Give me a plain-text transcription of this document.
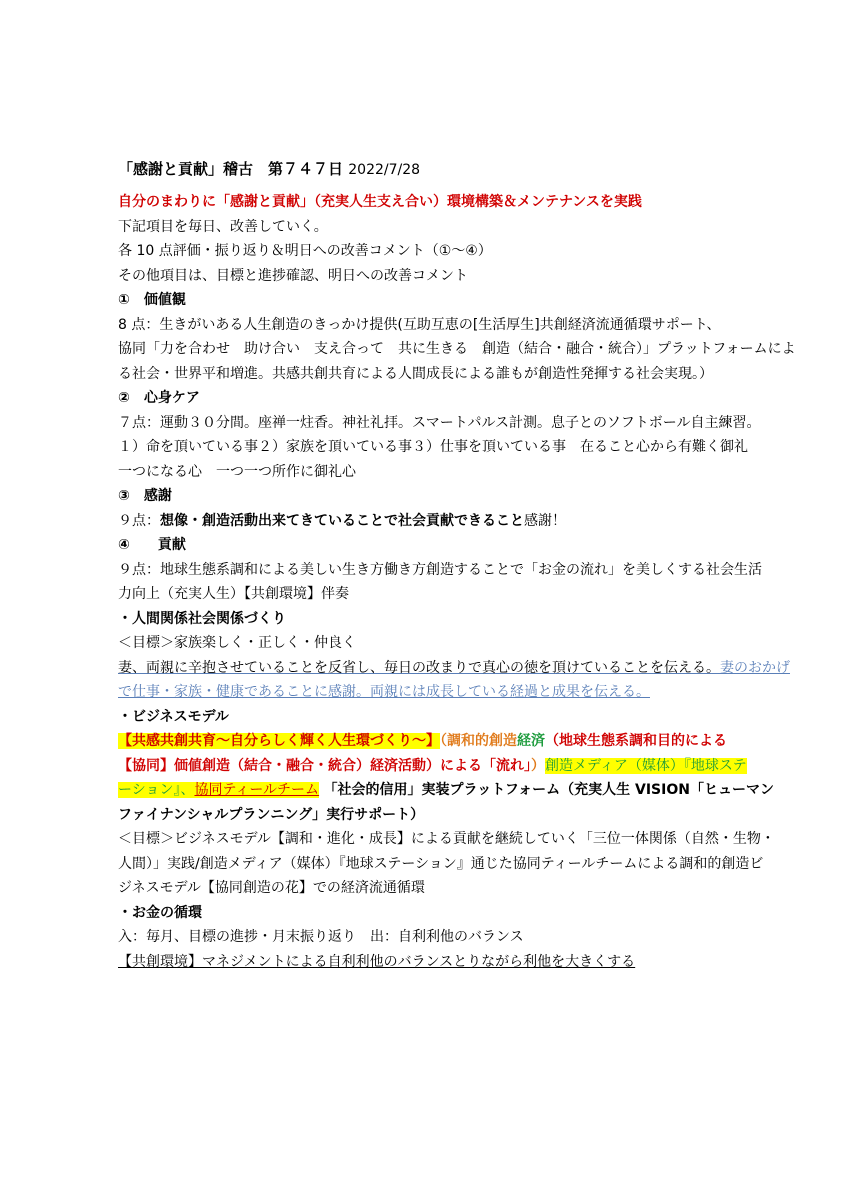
「感謝と貢献」稽古　第７４７日 2022/7/28

自分のまわりに「感謝と貢献」（充実人生支え合い）環境構築＆メンテナンスを実践

下記項目を毎日、改善していく。

各 10 点評価・振り返り＆明日への改善コメント（①～④）

その他項目は、目標と進捗確認、明日への改善コメント

①　価値観

8 点：生きがいある人生創造のきっかけ提供(互助互恵の[生活厚生]共創経済流通循環サポート、

協同「力を合わせ　助け合い　支え合って　共に生きる　創造（結合・融合・統合）」プラットフォームによ

る社会・世界平和増進。共感共創共育による人間成長による誰もが創造性発揮する社会実現。）

②　心身ケア

７点：運動３０分間。座禅一炷香。神社礼拝。スマートパルス計測。息子とのソフトボール自主練習。

１）命を頂いている事２）家族を頂いている事３）仕事を頂いている事　在ること心から有難く御礼

一つになる心　一つ一つ所作に御礼心

③　感謝

９点：想像・創造活動出来てきていることで社会貢献できること感謝！

④　　貢献

９点：地球生態系調和による美しい生き方働き方創造することで「お金の流れ」を美しくする社会生活

力向上（充実人生）【共創環境】伴奏

・人間関係社会関係づくり

＜目標＞家族楽しく・正しく・仲良く

妻、両親に辛抱させていることを反省し、毎日の改まりで真心の徳を頂けていることを伝える。妻のおかげ

で仕事・家族・健康であることに感謝。両親には成長している経過と成果を伝える。

・ビジネスモデル

【共感共創共育～自分らしく輝く人生環づくり～】（調和的創造経済（地球生態系調和目的による

【協同】価値創造（結合・融合・統合）経済活動）による「流れ」）創造メディア（媒体）『地球ステ

ーション』、協同ティールチーム 「社会的信用」実装プラットフォーム（充実人生 VISION「ヒューマン

ファイナンシャルプランニング」実行サポート）

＜目標＞ビジネスモデル【調和・進化・成長】による貢献を継続していく「三位一体関係（自然・生物・

人間）」実践/創造メディア（媒体）『地球ステーション』通じた協同ティールチームによる調和的創造ビ

ジネスモデル【協同創造の花】での経済流通循環

・お金の循環

入：毎月、目標の進捗・月末振り返り　出：自利利他のバランス

【共創環境】マネジメントによる自利利他のバランスとりながら利他を大きくする
